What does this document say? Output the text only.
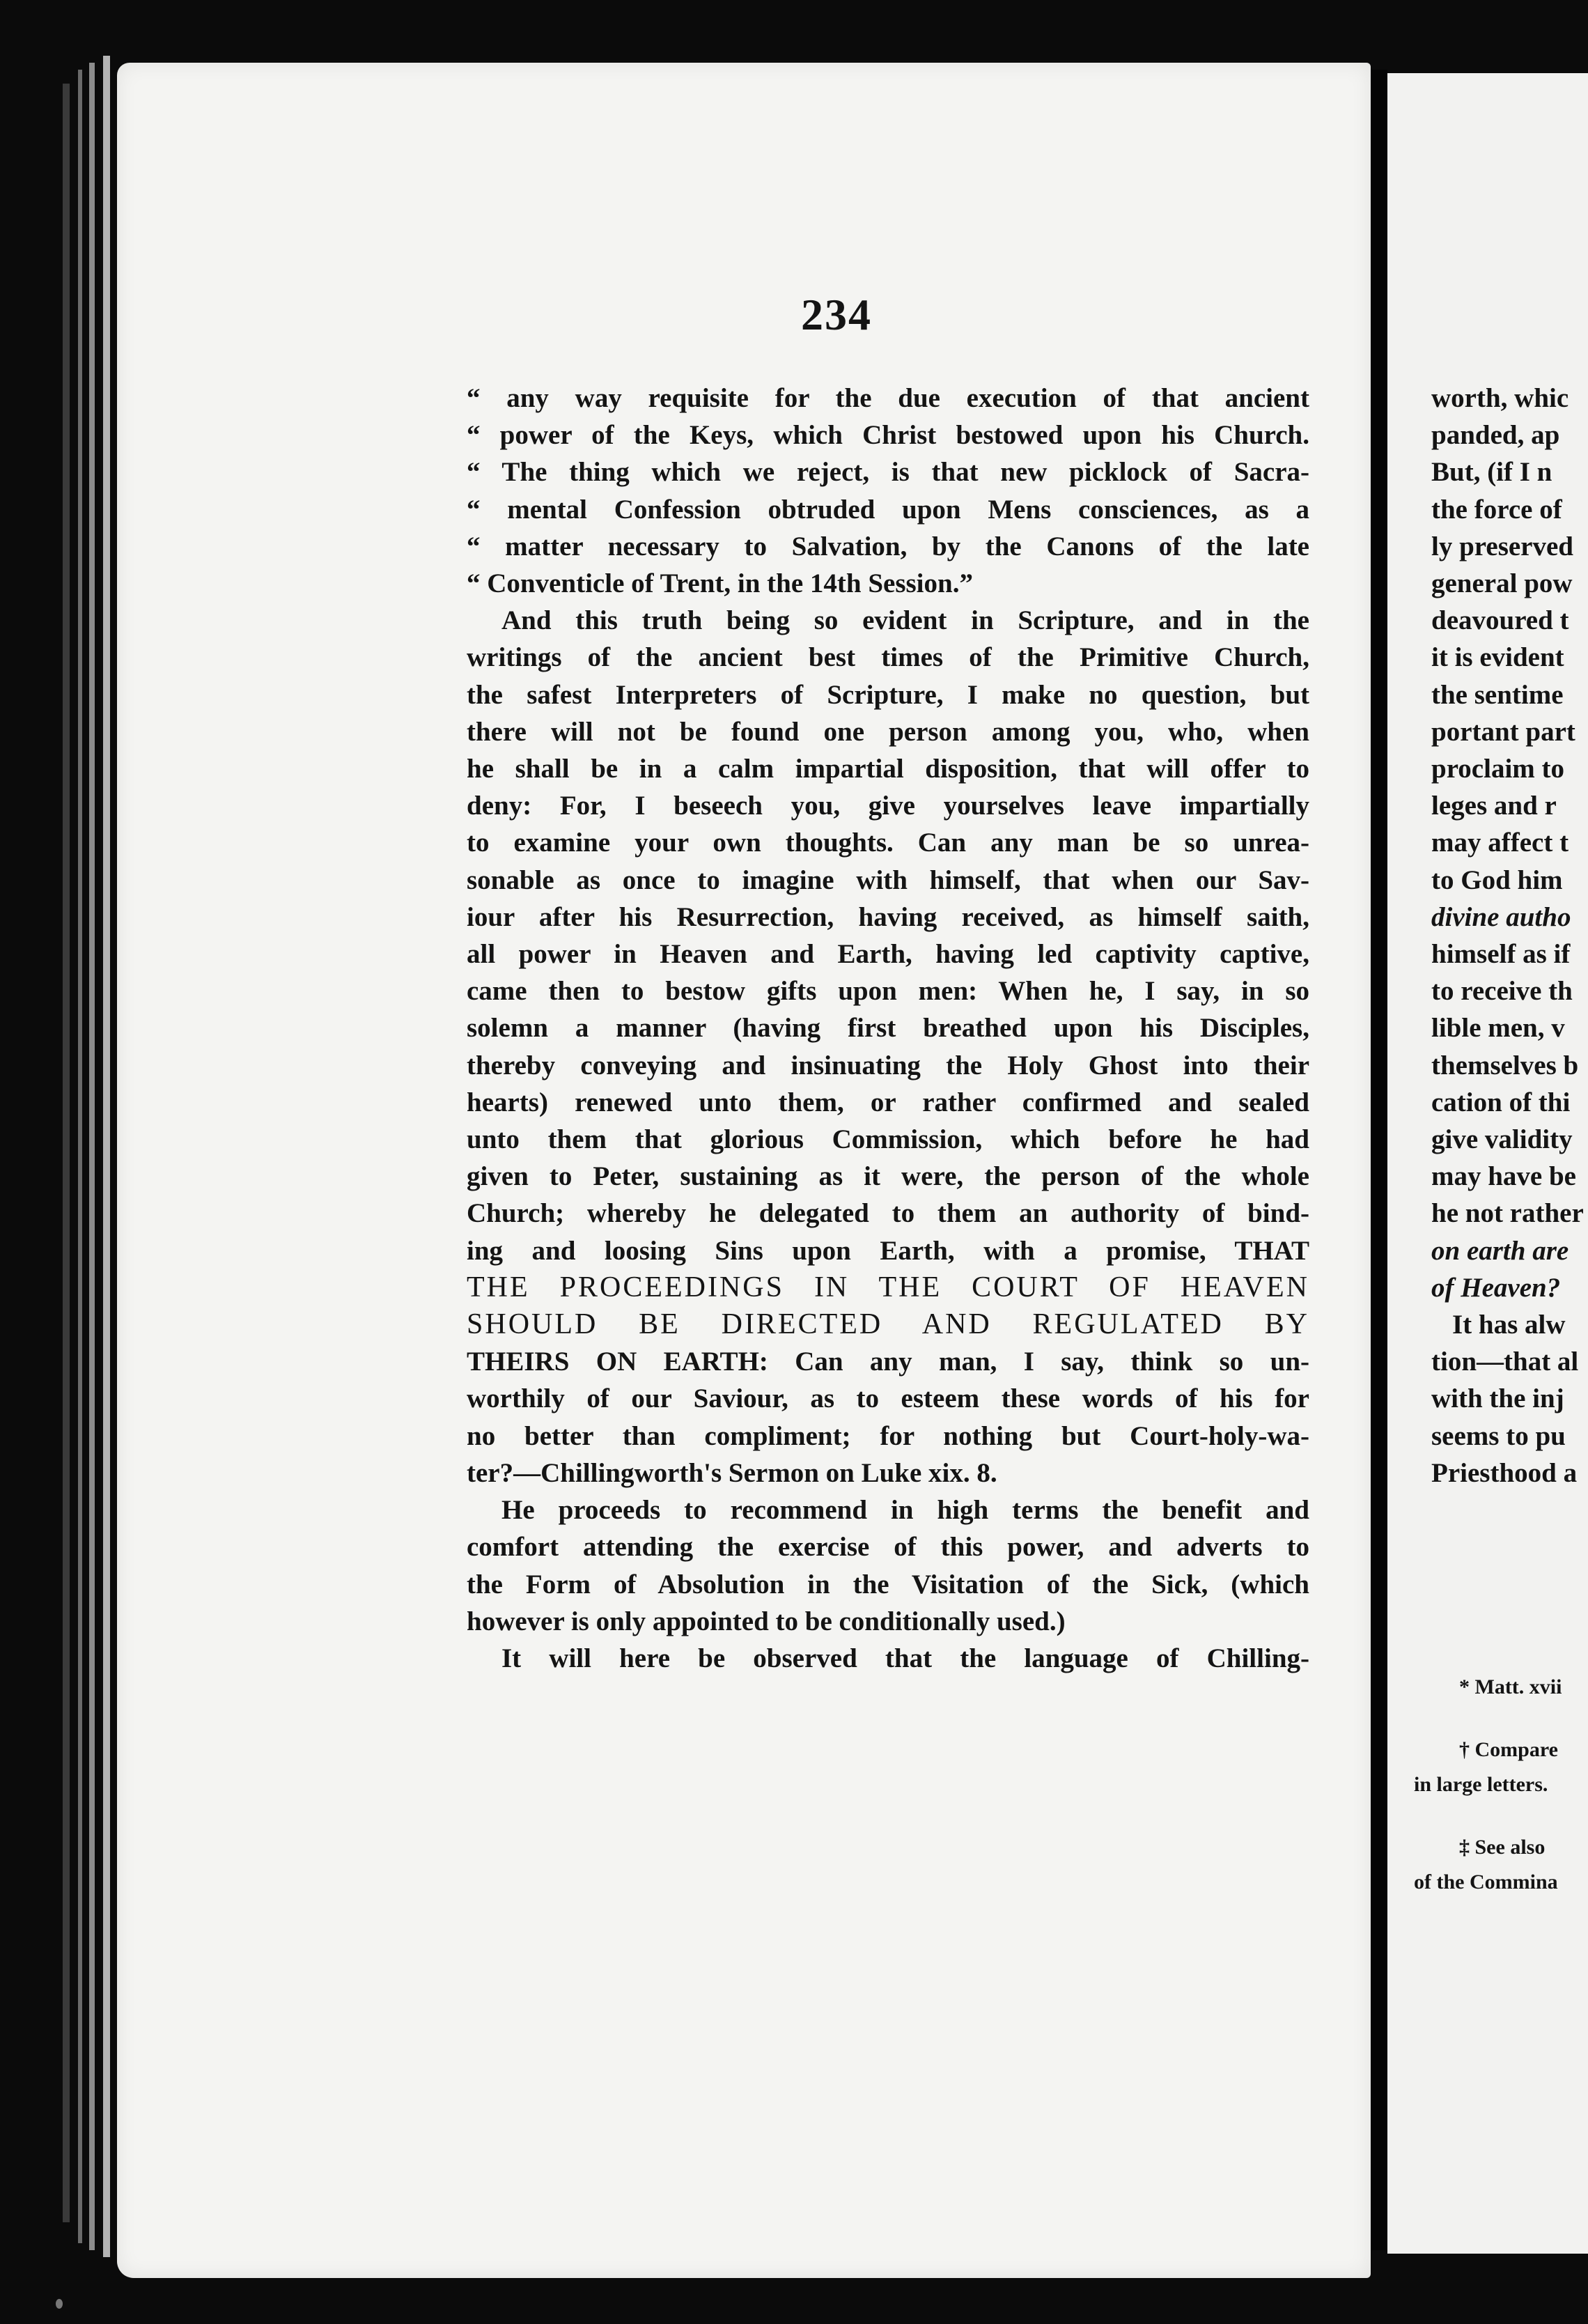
234
“ any way requisite for the due execution of that ancient
“ power of the Keys, which Christ bestowed upon his Church.
“ The thing which we reject, is that new picklock of Sacra-
“ mental Confession obtruded upon Mens consciences, as a
“ matter necessary to Salvation, by the Canons of the late
“ Conventicle of Trent, in the 14th Session.”
And this truth being so evident in Scripture, and in the
writings of the ancient best times of the Primitive Church,
the safest Interpreters of Scripture, I make no question, but
there will not be found one person among you, who, when
he shall be in a calm impartial disposition, that will offer to
deny: For, I beseech you, give yourselves leave impartially
to examine your own thoughts. Can any man be so unrea-
sonable as once to imagine with himself, that when our Sav-
iour after his Resurrection, having received, as himself saith,
all power in Heaven and Earth, having led captivity captive,
came then to bestow gifts upon men: When he, I say, in so
solemn a manner (having first breathed upon his Disciples,
thereby conveying and insinuating the Holy Ghost into their
hearts) renewed unto them, or rather confirmed and sealed
unto them that glorious Commission, which before he had
given to Peter, sustaining as it were, the person of the whole
Church; whereby he delegated to them an authority of bind-
ing and loosing Sins upon Earth, with a promise, THAT
THE PROCEEDINGS IN THE COURT OF HEAVEN
SHOULD BE DIRECTED AND REGULATED BY
THEIRS ON EARTH: Can any man, I say, think so un-
worthily of our Saviour, as to esteem these words of his for
no better than compliment; for nothing but Court-holy-wa-
ter?—Chillingworth's Sermon on Luke xix. 8.
He proceeds to recommend in high terms the benefit and
comfort attending the exercise of this power, and adverts to
the Form of Absolution in the Visitation of the Sick, (which
however is only appointed to be conditionally used.)
It will here be observed that the language of Chilling-
worth, whic
panded, ap
But, (if I n
the force of
ly preserved
general pow
deavoured t
it is evident
the sentime
portant part
proclaim to
leges and r
may affect t
to God him
divine autho
himself as if
to receive th
lible men, v
themselves b
cation of thi
give validity
may have be
he not rather
on earth are
of Heaven?
It has alw
tion—that al
with the inj
seems to pu
Priesthood a
* Matt. xvii
† Compare
in large letters.
‡ See also
of the Commina
